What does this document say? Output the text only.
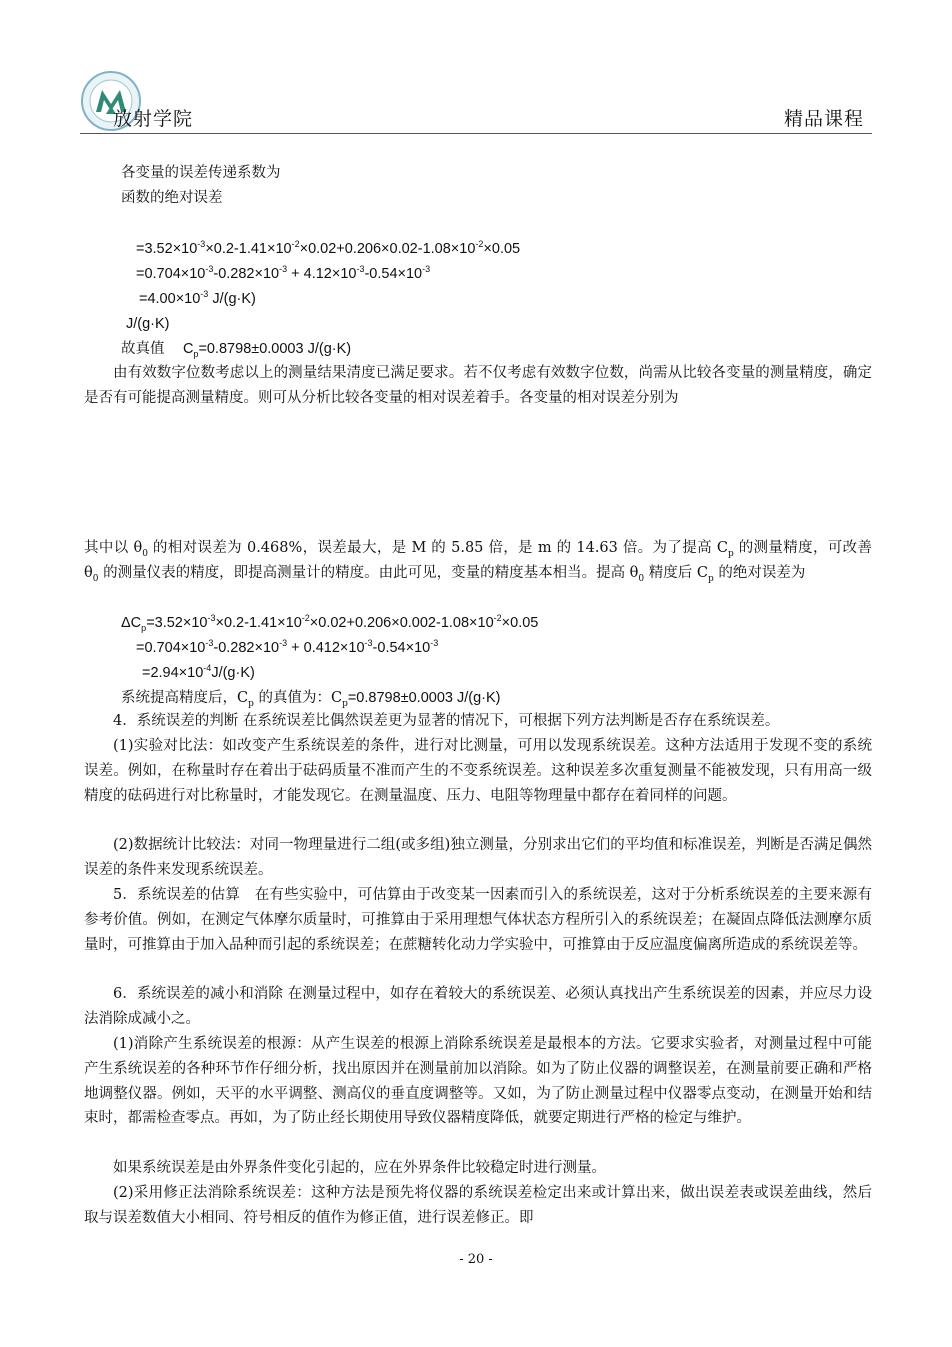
放射学院	精品课程
各变量的误差传递系数为
函数的绝对误差
$=3.52\times 10^{-3}\times 0.2-1.41\times 10^{-2}\times 0.02+0.206\times 0.02-1.08\times 10^{-2}\times 0.05$
$=0.704\times 10^{-3}-0.282\times 10^{-3} + 4.12\times 10^{-3}-0.54\times 10^{-3}$
$=4.00\times 10^{-3}$ J/(g·K)
J/(g·K)
故真值 $C_p=0.8798\pm 0.0003$ J/(g·K)
由有效数字位数考虑以上的测量结果清度已满足要求。若不仅考虑有效数字位数，尚需从比较各变量的测量精度，确定是否有可能提高测量精度。则可从分析比较各变量的相对误差着手。各变量的相对误差分别为
其中以 $\theta_0$ 的相对误差为 0.468%，误差最大，是 M 的 5.85 倍，是 m 的 14.63 倍。为了提高 $C_p$ 的测量精度，可改善 $\theta_0$ 的测量仪表的精度，即提高测量计的精度。由此可见，变量的精度基本相当。提高 $\theta_0$ 精度后 $C_p$ 的绝对误差为
$\Delta C_p=3.52\times 10^{-3}\times 0.2-1.41\times 10^{-2}\times 0.02+0.206\times 0.002-1.08\times 10^{-2}\times 0.05$
$=0.704\times 10^{-3}-0.282\times 10^{-3} + 0.412\times 10^{-3}-0.54\times 10^{-3}$
$=2.94\times 10^{-4}J/(g\cdot K)$
系统提高精度后，$C_p$ 的真值为：$C_p=0.8798\pm 0.0003$ J/(g·K)
4．系统误差的判断 在系统误差比偶然误差更为显著的情况下，可根据下列方法判断是否存在系统误差。
(1)实验对比法：如改变产生系统误差的条件，进行对比测量，可用以发现系统误差。这种方法适用于发现不变的系统误差。例如，在称量时存在着出于砝码质量不准而产生的不变系统误差。这种误差多次重复测量不能被发现，只有用高一级精度的砝码进行对比称量时，才能发现它。在测量温度、压力、电阻等物理量中都存在着同样的问题。
(2)数据统计比较法：对同一物理量进行二组(或多组)独立测量，分别求出它们的平均值和标准误差，判断是否满足偶然误差的条件来发现系统误差。
5．系统误差的估算　在有些实验中，可估算由于改变某一因素而引入的系统误差，这对于分析系统误差的主要来源有参考价值。例如，在测定气体摩尔质量时，可推算由于采用理想气体状态方程所引入的系统误差；在凝固点降低法测摩尔质量时，可推算由于加入品种而引起的系统误差；在蔗糖转化动力学实验中，可推算由于反应温度偏离所造成的系统误差等。
6．系统误差的减小和消除 在测量过程中，如存在着较大的系统误差、必须认真找出产生系统误差的因素，并应尽力设法消除成减小之。
(1)消除产生系统误差的根源：从产生误差的根源上消除系统误差是最根本的方法。它要求实验者，对测量过程中可能产生系统误差的各种环节作仔细分析，找出原因并在测量前加以消除。如为了防止仪器的调整误差，在测量前要正确和严格地调整仪器。例如，天平的水平调整、测高仪的垂直度调整等。又如，为了防止测量过程中仪器零点变动，在测量开始和结束时，都需检查零点。再如，为了防止经长期使用导致仪器精度降低，就要定期进行严格的检定与维护。
如果系统误差是由外界条件变化引起的，应在外界条件比较稳定时进行测量。
(2)采用修正法消除系统误差：这种方法是预先将仪器的系统误差检定出来或计算出来，做出误差表或误差曲线，然后取与误差数值大小相同、符号相反的值作为修正值，进行误差修正。即
- 20 -
